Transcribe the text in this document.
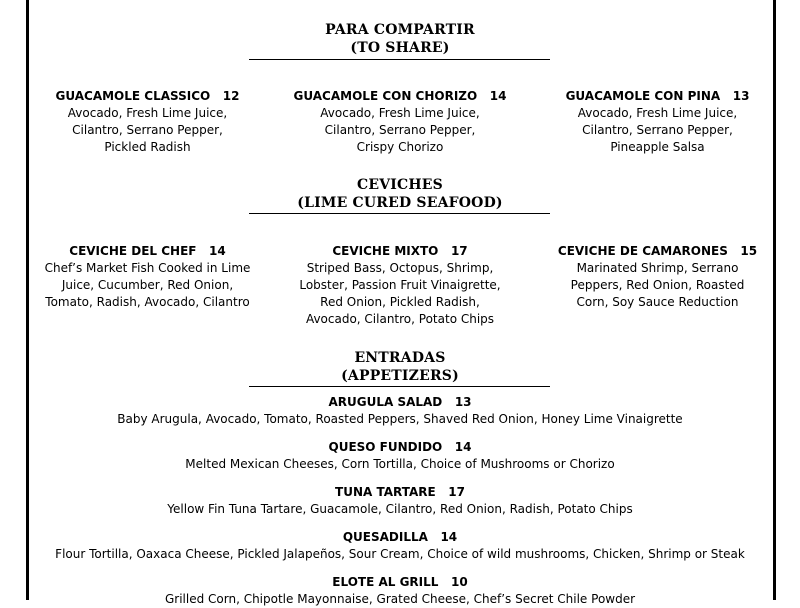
PARA COMPARTIR
(TO SHARE)
GUACAMOLE CLASSICO 12
Avocado, Fresh Lime Juice,
Cilantro, Serrano Pepper,
Pickled Radish
GUACAMOLE CON CHORIZO 14
Avocado, Fresh Lime Juice,
Cilantro, Serrano Pepper,
Crispy Chorizo
GUACAMOLE CON PINA 13
Avocado, Fresh Lime Juice,
Cilantro, Serrano Pepper,
Pineapple Salsa
CEVICHES
(LIME CURED SEAFOOD)
CEVICHE DEL CHEF 14
Chef’s Market Fish Cooked in Lime
Juice, Cucumber, Red Onion,
Tomato, Radish, Avocado, Cilantro
CEVICHE MIXTO 17
Striped Bass, Octopus, Shrimp,
Lobster, Passion Fruit Vinaigrette,
Red Onion, Pickled Radish,
Avocado, Cilantro, Potato Chips
CEVICHE DE CAMARONES 15
Marinated Shrimp, Serrano
Peppers, Red Onion, Roasted
Corn, Soy Sauce Reduction
ENTRADAS
(APPETIZERS)
ARUGULA SALAD 13
Baby Arugula, Avocado, Tomato, Roasted Peppers, Shaved Red Onion, Honey Lime Vinaigrette
QUESO FUNDIDO 14
Melted Mexican Cheeses, Corn Tortilla, Choice of Mushrooms or Chorizo
TUNA TARTARE 17
Yellow Fin Tuna Tartare, Guacamole, Cilantro, Red Onion, Radish, Potato Chips
QUESADILLA 14
Flour Tortilla, Oaxaca Cheese, Pickled Jalapeños, Sour Cream, Choice of wild mushrooms, Chicken, Shrimp or Steak
ELOTE AL GRILL 10
Grilled Corn, Chipotle Mayonnaise, Grated Cheese, Chef’s Secret Chile Powder
